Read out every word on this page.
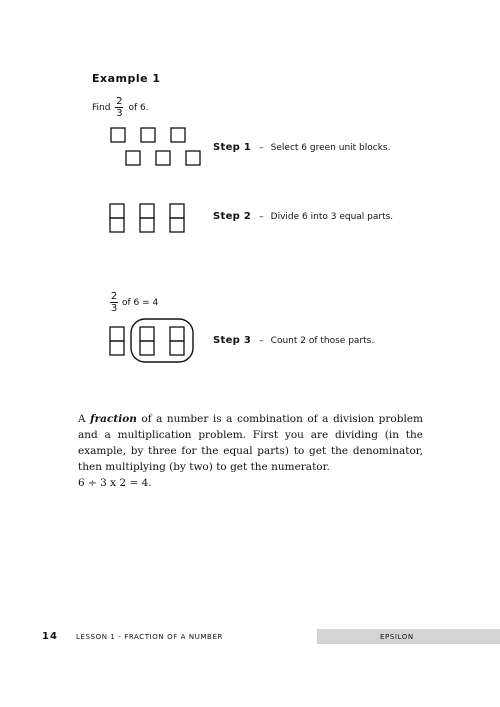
Example 1
Find $\frac{2}{3}$ of 6.
Step 1 – Select 6 green unit blocks.
Step 2 – Divide 6 into 3 equal parts.
$\frac{2}{3}$ of 6 = 4
Step 3 – Count 2 of those parts.
A fraction of a number is a combination of a division problem and a multiplication problem. First you are dividing (in the example, by three for the equal parts) to get the denominator, then multiplying (by two) to get the numerator.
6 ÷ 3 x 2 = 4.
14	LESSON 1 - FRACTION OF A NUMBER	EPSILON
